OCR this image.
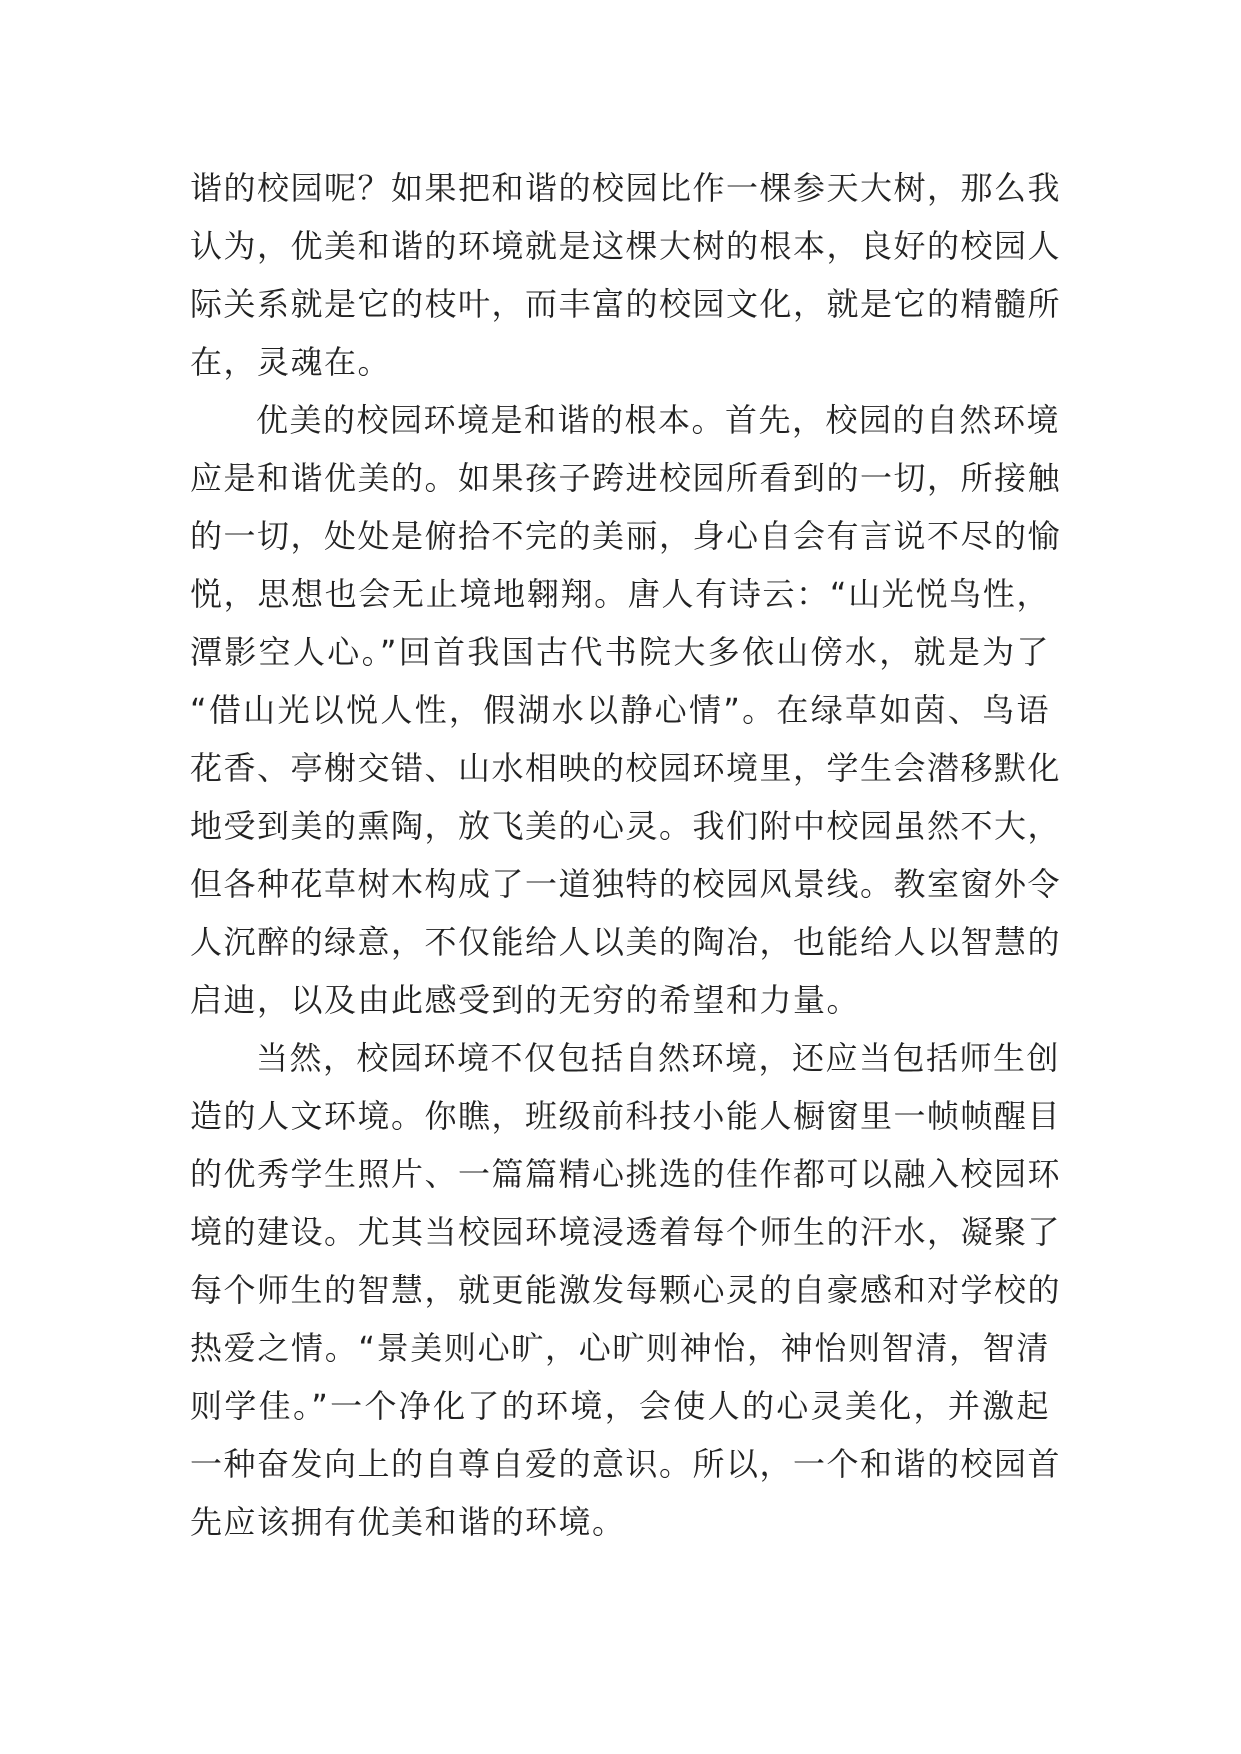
谐的校园呢？如果把和谐的校园比作一棵参天大树，那么我
认为，优美和谐的环境就是这棵大树的根本，良好的校园人
际关系就是它的枝叶，而丰富的校园文化，就是它的精髓所
在，灵魂在。
优美的校园环境是和谐的根本。首先，校园的自然环境
应是和谐优美的。如果孩子跨进校园所看到的一切，所接触
的一切，处处是俯拾不完的美丽，身心自会有言说不尽的愉
悦，思想也会无止境地翱翔。唐人有诗云：“山光悦鸟性，
潭影空人心。”回首我国古代书院大多依山傍水，就是为了
“借山光以悦人性，假湖水以静心情”。在绿草如茵、鸟语
花香、亭榭交错、山水相映的校园环境里，学生会潜移默化
地受到美的熏陶，放飞美的心灵。我们附中校园虽然不大，
但各种花草树木构成了一道独特的校园风景线。教室窗外令
人沉醉的绿意，不仅能给人以美的陶冶，也能给人以智慧的
启迪，以及由此感受到的无穷的希望和力量。
当然，校园环境不仅包括自然环境，还应当包括师生创
造的人文环境。你瞧，班级前科技小能人橱窗里一帧帧醒目
的优秀学生照片、一篇篇精心挑选的佳作都可以融入校园环
境的建设。尤其当校园环境浸透着每个师生的汗水，凝聚了
每个师生的智慧，就更能激发每颗心灵的自豪感和对学校的
热爱之情。“景美则心旷，心旷则神怡，神怡则智清，智清
则学佳。”一个净化了的环境，会使人的心灵美化，并激起
一种奋发向上的自尊自爱的意识。所以，一个和谐的校园首
先应该拥有优美和谐的环境。
